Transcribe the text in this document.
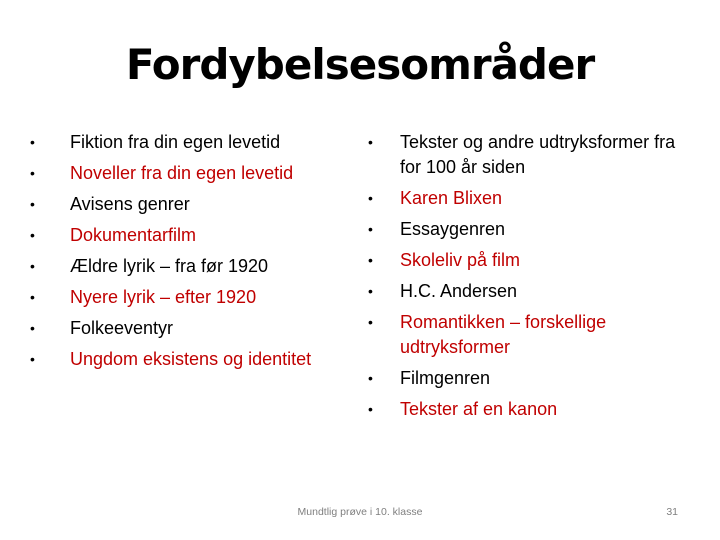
Fordybelsesområder
• Fiktion fra din egen levetid
• Noveller fra din egen levetid
• Avisens genrer
• Dokumentarfilm
• Ældre lyrik – fra før 1920
• Nyere lyrik – efter 1920
• Folkeeventyr
• Ungdom eksistens og identitet
• Tekster og andre udtryksformer fra for 100 år siden
• Karen Blixen
• Essaygenren
• Skoleliv på film
• H.C. Andersen
• Romantikken – forskellige udtryksformer
• Filmgenren
• Tekster af en kanon
Mundtlig prøve i 10. klasse	31
